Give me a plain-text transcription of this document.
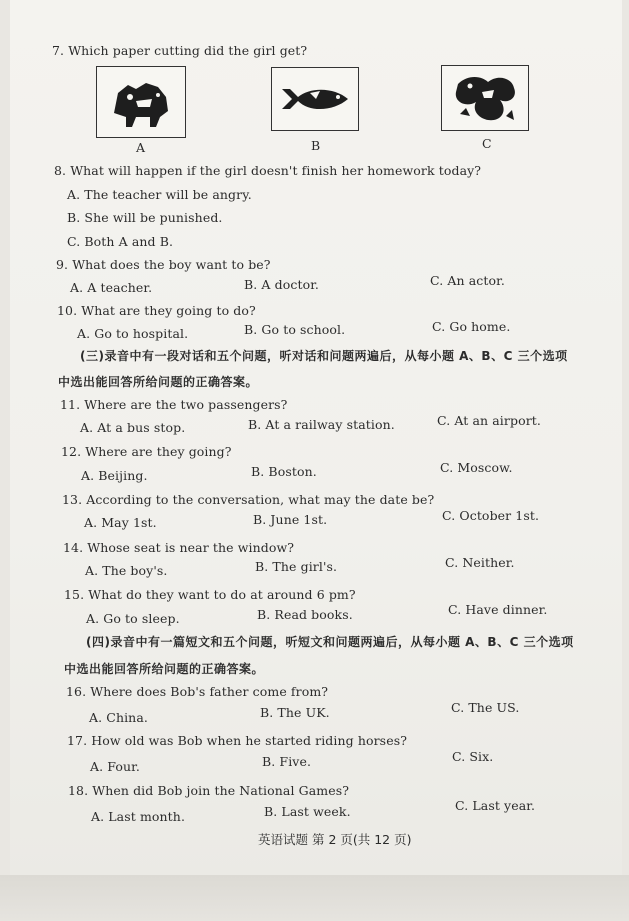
7. Which paper cutting did the girl get?
A	B	C
8. What will happen if the girl doesn't finish her homework today?
A. The teacher will be angry.
B. She will be punished.
C. Both A and B.
9. What does the boy want to be?
A. A teacher.	B. A doctor.	C. An actor.
10. What are they going to do?
A. Go to hospital.	B. Go to school.	C. Go home.
(三)录音中有一段对话和五个问题，听对话和问题两遍后，从每小题 A、B、C 三个选项
中选出能回答所给问题的正确答案。
11. Where are the two passengers?
A. At a bus stop.	B. At a railway station.	C. At an airport.
12. Where are they going?
A. Beijing.	B. Boston.	C. Moscow.
13. According to the conversation, what may the date be?
A. May 1st.	B. June 1st.	C. October 1st.
14. Whose seat is near the window?
A. The boy's.	B. The girl's.	C. Neither.
15. What do they want to do at around 6 pm?
A. Go to sleep.	B. Read books.	C. Have dinner.
(四)录音中有一篇短文和五个问题，听短文和问题两遍后，从每小题 A、B、C 三个选项
中选出能回答所给问题的正确答案。
16. Where does Bob's father come from?
A. China.	B. The UK.	C. The US.
17. How old was Bob when he started riding horses?
A. Four.	B. Five.	C. Six.
18. When did Bob join the National Games?
A. Last month.	B. Last week.	C. Last year.
英语试题 第 2 页(共 12 页)
